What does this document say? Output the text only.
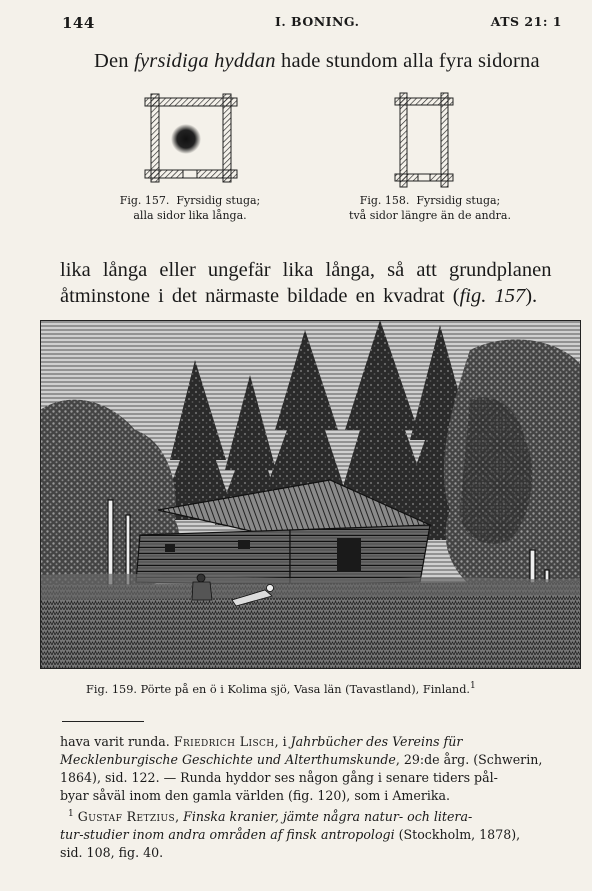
144	I. BONING.	ATS 21: 1
Den fyrsidiga hyddan hade stundom alla fyra sidorna
Fig. 157. Fyrsidig stuga;
alla sidor lika långa.
Fig. 158. Fyrsidig stuga;
två sidor längre än de andra.
lika långa eller ungefär lika långa, så att grundplanen
åtminstone i det närmaste bildade en kvadrat (fig. 157).
Fig. 159. Pörte på en ö i Kolima sjö, Vasa län (Tavastland), Finland.$^1$
hava varit runda. Friedrich Lisch, i Jahrbücher des Vereins für
Mecklenburgische Geschichte und Alterthumskunde, 29:de årg. (Schwerin,
1864), sid. 122. — Runda hyddor ses någon gång i senare tiders pål-
byar såväl inom den gamla världen (fig. 120), som i Amerika.
$^1$ Gustaf Retzius, Finska kranier, jämte några natur- och litera-
tur-studier inom andra områden af finsk antropologi (Stockholm, 1878),
sid. 108, fig. 40.
